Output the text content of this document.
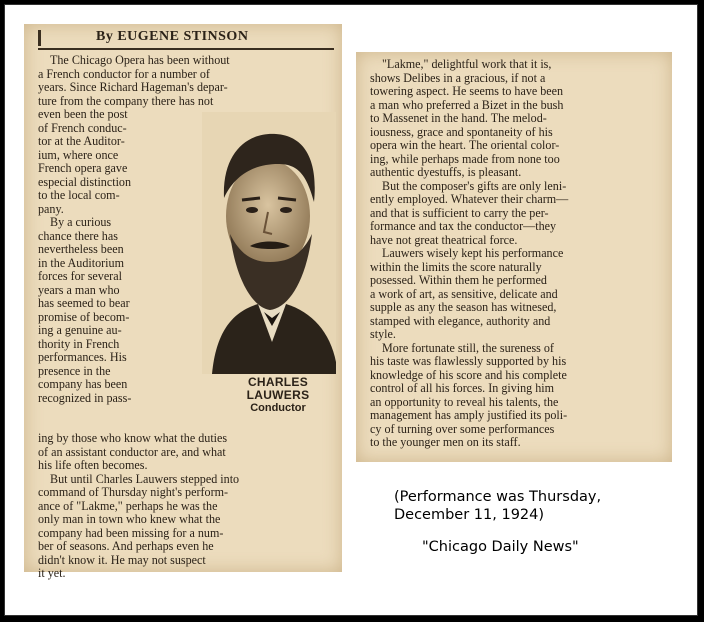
By EUGENE STINSON
The Chicago Opera has been without
a French conductor for a number of
years. Since Richard Hageman's depar-
ture from the company there has not
even been the post
of French conduc-
tor at the Auditor-
ium, where once
French opera gave
especial distinction
to the local com-
pany.
By a curious
chance there has
nevertheless been
in the Auditorium
forces for several
years a man who
has seemed to bear
promise of becom-
ing a genuine au-
thority in French
performances. His
presence in the
company has been
recognized in pass-
ing by those who know what the duties
of an assistant conductor are, and what
his life often becomes.
But until Charles Lauwers stepped into
command of Thursday night's perform-
ance of "Lakme," perhaps he was the
only man in town who knew what the
company had been missing for a num-
ber of seasons. And perhaps even he
didn't know it. He may not suspect
it yet.
CHARLES
LAUWERS
Conductor
"Lakme," delightful work that it is,
shows Delibes in a gracious, if not a
towering aspect. He seems to have been
a man who preferred a Bizet in the bush
to Massenet in the hand. The melod-
iousness, grace and spontaneity of his
opera win the heart. The oriental color-
ing, while perhaps made from none too
authentic dyestuffs, is pleasant.
But the composer's gifts are only leni-
ently employed. Whatever their charm—
and that is sufficient to carry the per-
formance and tax the conductor—they
have not great theatrical force.
Lauwers wisely kept his performance
within the limits the score naturally
posessed. Within them he performed
a work of art, as sensitive, delicate and
supple as any the season has witnesed,
stamped with elegance, authority and
style.
More fortunate still, the sureness of
his taste was flawlessly supported by his
knowledge of his score and his complete
control of all his forces. In giving him
an opportunity to reveal his talents, the
management has amply justified its poli-
cy of turning over some performances
to the younger men on its staff.
(Performance was Thursday,
December 11, 1924)
"Chicago Daily News"
